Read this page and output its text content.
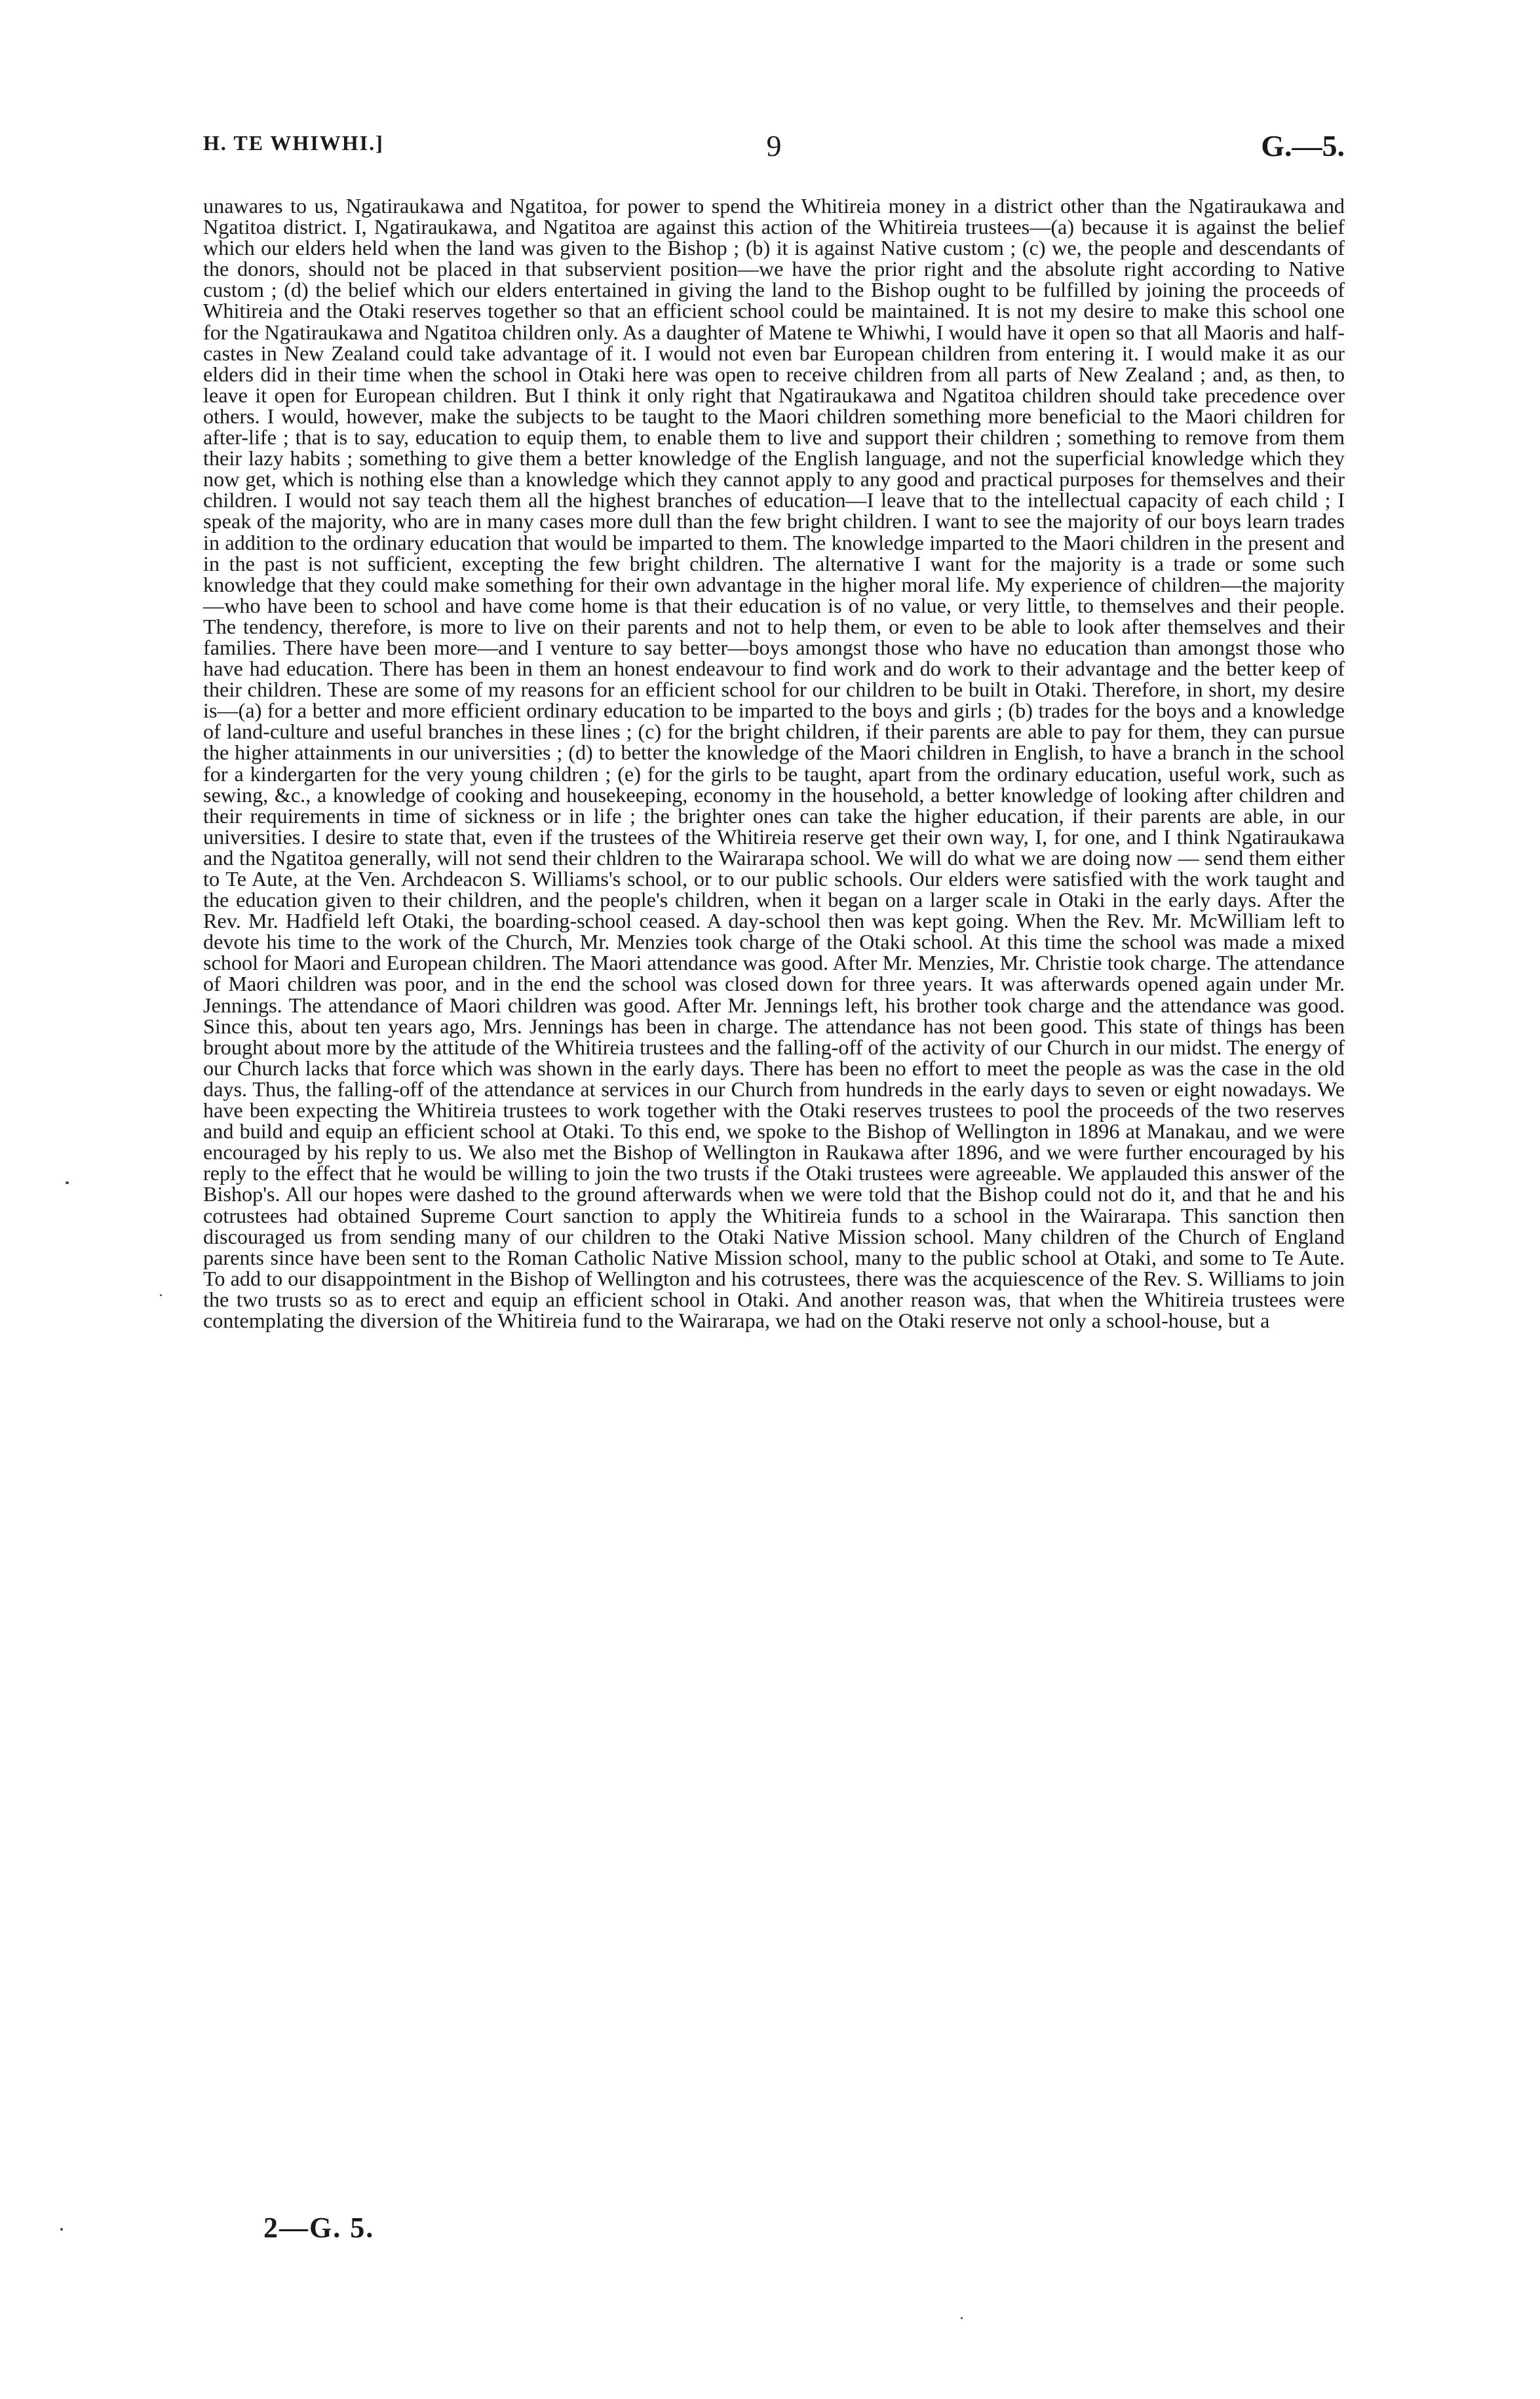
H. TE WHIWHI.]	9	G.—5.

unawares to us, Ngatiraukawa and Ngatitoa, for power to spend the Whitireia money in a district other than the Ngatiraukawa and Ngatitoa district. I, Ngatiraukawa, and Ngatitoa are against this action of the Whitireia trustees—(a) because it is against the belief which our elders held when the land was given to the Bishop ; (b) it is against Native custom ; (c) we, the people and descendants of the donors, should not be placed in that subservient position—we have the prior right and the absolute right according to Native custom ; (d) the belief which our elders entertained in giving the land to the Bishop ought to be fulfilled by joining the proceeds of Whitireia and the Otaki reserves together so that an efficient school could be maintained. It is not my desire to make this school one for the Ngatiraukawa and Ngatitoa children only. As a daughter of Matene te Whiwhi, I would have it open so that all Maoris and half-castes in New Zealand could take advantage of it. I would not even bar European children from entering it. I would make it as our elders did in their time when the school in Otaki here was open to receive children from all parts of New Zealand ; and, as then, to leave it open for European children. But I think it only right that Ngatiraukawa and Ngatitoa children should take precedence over others. I would, however, make the subjects to be taught to the Maori children something more beneficial to the Maori children for after-life ; that is to say, education to equip them, to enable them to live and support their children ; something to remove from them their lazy habits ; something to give them a better knowledge of the English language, and not the superficial knowledge which they now get, which is nothing else than a knowledge which they cannot apply to any good and practical purposes for themselves and their children. I would not say teach them all the highest branches of education—I leave that to the intellectual capacity of each child ; I speak of the majority, who are in many cases more dull than the few bright children. I want to see the majority of our boys learn trades in addition to the ordinary education that would be imparted to them. The knowledge imparted to the Maori children in the present and in the past is not sufficient, excepting the few bright children. The alternative I want for the majority is a trade or some such knowledge that they could make something for their own advantage in the higher moral life. My experience of children—the majority—who have been to school and have come home is that their education is of no value, or very little, to themselves and their people. The tendency, therefore, is more to live on their parents and not to help them, or even to be able to look after themselves and their families. There have been more—and I venture to say better—boys amongst those who have no education than amongst those who have had education. There has been in them an honest endeavour to find work and do work to their advantage and the better keep of their children. These are some of my reasons for an efficient school for our children to be built in Otaki. Therefore, in short, my desire is—(a) for a better and more efficient ordinary education to be imparted to the boys and girls ; (b) trades for the boys and a knowledge of land-culture and useful branches in these lines ; (c) for the bright children, if their parents are able to pay for them, they can pursue the higher attainments in our universities ; (d) to better the knowledge of the Maori children in English, to have a branch in the school for a kindergarten for the very young children ; (e) for the girls to be taught, apart from the ordinary education, useful work, such as sewing, &c., a knowledge of cooking and housekeeping, economy in the household, a better knowledge of looking after children and their requirements in time of sickness or in life ; the brighter ones can take the higher education, if their parents are able, in our universities. I desire to state that, even if the trustees of the Whitireia reserve get their own way, I, for one, and I think Ngatiraukawa and the Ngatitoa generally, will not send their chldren to the Wairarapa school. We will do what we are doing now — send them either to Te Aute, at the Ven. Archdeacon S. Williams's school, or to our public schools. Our elders were satisfied with the work taught and the education given to their children, and the people's children, when it began on a larger scale in Otaki in the early days. After the Rev. Mr. Hadfield left Otaki, the boarding-school ceased. A day-school then was kept going. When the Rev. Mr. McWilliam left to devote his time to the work of the Church, Mr. Menzies took charge of the Otaki school. At this time the school was made a mixed school for Maori and European children. The Maori attendance was good. After Mr. Menzies, Mr. Christie took charge. The attendance of Maori children was poor, and in the end the school was closed down for three years. It was afterwards opened again under Mr. Jennings. The attendance of Maori children was good. After Mr. Jennings left, his brother took charge and the attendance was good. Since this, about ten years ago, Mrs. Jennings has been in charge. The attendance has not been good. This state of things has been brought about more by the attitude of the Whitireia trustees and the falling-off of the activity of our Church in our midst. The energy of our Church lacks that force which was shown in the early days. There has been no effort to meet the people as was the case in the old days. Thus, the falling-off of the attendance at services in our Church from hundreds in the early days to seven or eight nowadays. We have been expecting the Whitireia trustees to work together with the Otaki reserves trustees to pool the proceeds of the two reserves and build and equip an efficient school at Otaki. To this end, we spoke to the Bishop of Wellington in 1896 at Manakau, and we were encouraged by his reply to us. We also met the Bishop of Wellington in Raukawa after 1896, and we were further encouraged by his reply to the effect that he would be willing to join the two trusts if the Otaki trustees were agreeable. We applauded this answer of the Bishop's. All our hopes were dashed to the ground afterwards when we were told that the Bishop could not do it, and that he and his cotrustees had obtained Supreme Court sanction to apply the Whitireia funds to a school in the Wairarapa. This sanction then discouraged us from sending many of our children to the Otaki Native Mission school. Many children of the Church of England parents since have been sent to the Roman Catholic Native Mission school, many to the public school at Otaki, and some to Te Aute. To add to our disappointment in the Bishop of Wellington and his cotrustees, there was the acquiescence of the Rev. S. Williams to join the two trusts so as to erect and equip an efficient school in Otaki. And another reason was, that when the Whitireia trustees were contemplating the diversion of the Whitireia fund to the Wairarapa, we had on the Otaki reserve not only a school-house, but a

2—G. 5.
